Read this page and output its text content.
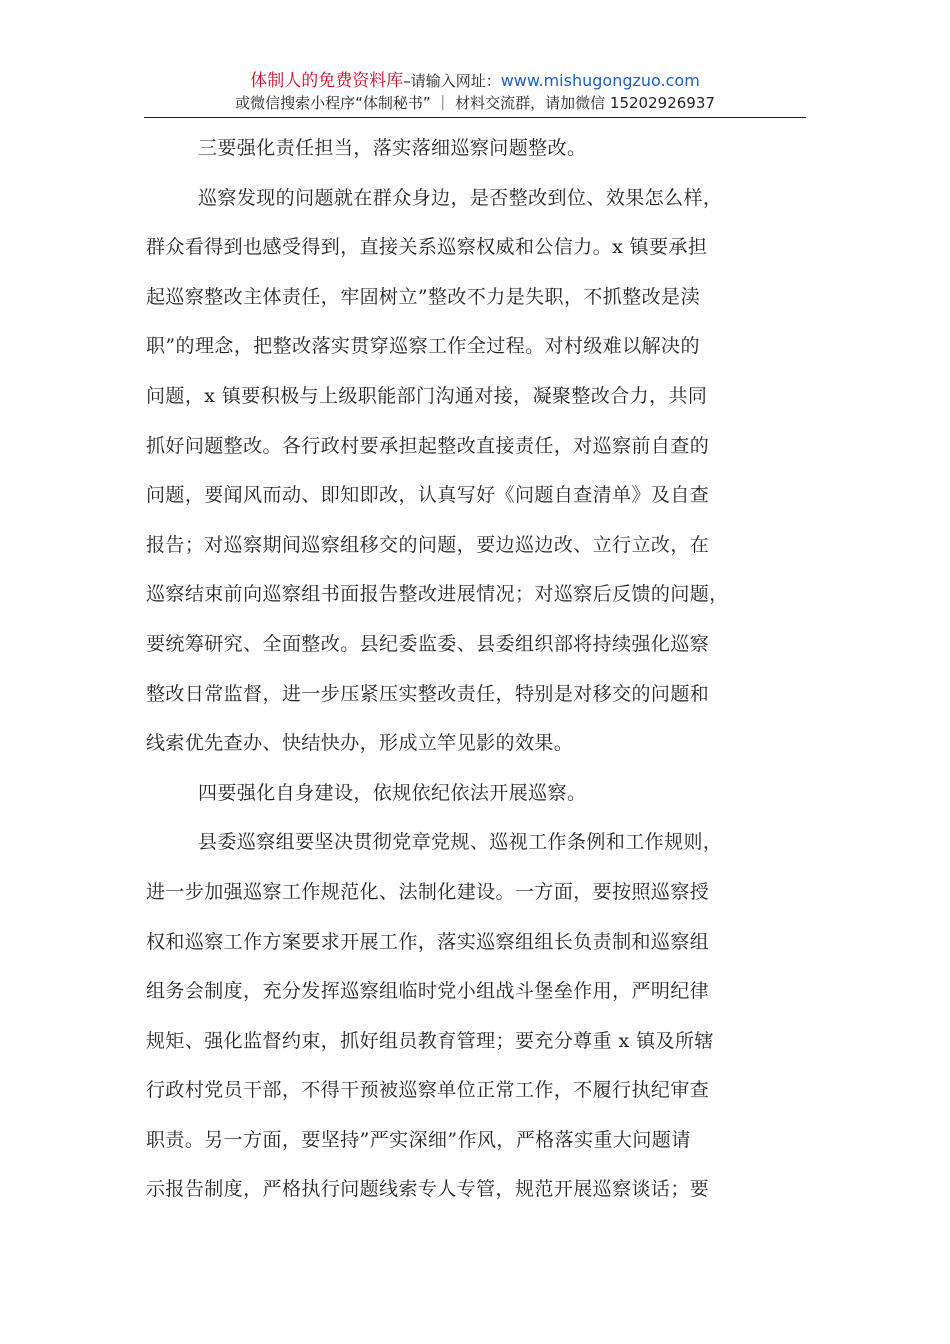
体制人的免费资料库–请输入网址：www.mishugongzuo.com
或微信搜索小程序“体制秘书” ｜ 材料交流群，请加微信 15202926937
三要强化责任担当，落实落细巡察问题整改。
巡察发现的问题就在群众身边，是否整改到位、效果怎么样，
群众看得到也感受得到，直接关系巡察权威和公信力。x 镇要承担
起巡察整改主体责任，牢固树立”整改不力是失职，不抓整改是渎
职”的理念，把整改落实贯穿巡察工作全过程。对村级难以解决的
问题，x 镇要积极与上级职能部门沟通对接，凝聚整改合力，共同
抓好问题整改。各行政村要承担起整改直接责任，对巡察前自查的
问题，要闻风而动、即知即改，认真写好《问题自查清单》及自查
报告；对巡察期间巡察组移交的问题，要边巡边改、立行立改，在
巡察结束前向巡察组书面报告整改进展情况；对巡察后反馈的问题，
要统筹研究、全面整改。县纪委监委、县委组织部将持续强化巡察
整改日常监督，进一步压紧压实整改责任，特别是对移交的问题和
线索优先查办、快结快办，形成立竿见影的效果。
四要强化自身建设，依规依纪依法开展巡察。
县委巡察组要坚决贯彻党章党规、巡视工作条例和工作规则，
进一步加强巡察工作规范化、法制化建设。一方面，要按照巡察授
权和巡察工作方案要求开展工作，落实巡察组组长负责制和巡察组
组务会制度，充分发挥巡察组临时党小组战斗堡垒作用，严明纪律
规矩、强化监督约束，抓好组员教育管理；要充分尊重 x 镇及所辖
行政村党员干部，不得干预被巡察单位正常工作，不履行执纪审查
职责。另一方面，要坚持”严实深细”作风，严格落实重大问题请
示报告制度，严格执行问题线索专人专管，规范开展巡察谈话；要
